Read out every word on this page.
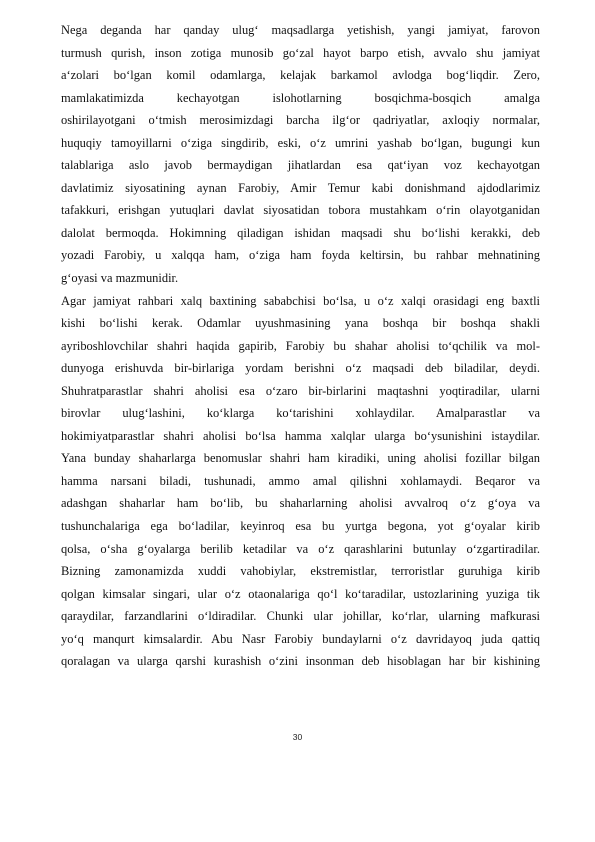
Nega deganda har qanday ulug‘ maqsadlarga yetishish, yangi jamiyat, farovon
turmush qurish, inson zotiga munosib go‘zal hayot barpo etish, avvalo shu jamiyat
a‘zolari bo‘lgan komil odamlarga, kelajak barkamol avlodga bog‘liqdir. Zero,
mamlakatimizda kechayotgan islohotlarning bosqichma-bosqich amalga
oshirilayotgani o‘tmish merosimizdagi barcha ilg‘or qadriyatlar, axloqiy normalar,
huquqiy tamoyillarni o‘ziga singdirib, eski, o‘z umrini yashab bo‘lgan, bugungi kun
talablariga aslo javob bermaydigan jihatlardan esa qat‘iyan voz kechayotgan
davlatimiz siyosatining aynan Farobiy, Amir Temur kabi donishmand ajdodlarimiz
tafakkuri, erishgan yutuqlari davlat siyosatidan tobora mustahkam o‘rin olayotganidan
dalolat bermoqda. Hokimning qiladigan ishidan maqsadi shu bo‘lishi kerakki, deb
yozadi Farobiy, u xalqqa ham, o‘ziga ham foyda keltirsin, bu rahbar mehnatining
g‘oyasi va mazmunidir.
Agar jamiyat rahbari xalq baxtining sababchisi bo‘lsa, u o‘z xalqi orasidagi eng baxtli
kishi bo‘lishi kerak. Odamlar uyushmasining yana boshqa bir boshqa shakli
ayriboshlovchilar shahri haqida gapirib, Farobiy bu shahar aholisi to‘qchilik va mol-
dunyoga erishuvda bir-birlariga yordam berishni o‘z maqsadi deb biladilar, deydi.
Shuhratparastlar shahri aholisi esa o‘zaro bir-birlarini maqtashni yoqtiradilar, ularni
birovlar ulug‘lashini, ko‘klarga ko‘tarishini xohlaydilar. Amalparastlar va
hokimiyatparastlar shahri aholisi bo‘lsa hamma xalqlar ularga bo‘ysunishini istaydilar.
Yana bunday shaharlarga benomuslar shahri ham kiradiki, uning aholisi fozillar bilgan
hamma narsani biladi, tushunadi, ammo amal qilishni xohlamaydi. Beqaror va
adashgan shaharlar ham bo‘lib, bu shaharlarning aholisi avvalroq o‘z g‘oya va
tushunchalariga ega bo‘ladilar, keyinroq esa bu yurtga begona, yot g‘oyalar kirib
qolsa, o‘sha g‘oyalarga berilib ketadilar va o‘z qarashlarini butunlay o‘zgartiradilar.
Bizning zamonamizda xuddi vahobiylar, ekstremistlar, terroristlar guruhiga kirib
qolgan kimsalar singari, ular o‘z otaonalariga qo‘l ko‘taradilar, ustozlarining yuziga tik
qaraydilar, farzandlarini o‘ldiradilar. Chunki ular johillar, ko‘rlar, ularning mafkurasi
yo‘q manqurt kimsalardir. Abu Nasr Farobiy bundaylarni o‘z davridayoq juda qattiq
qoralagan va ularga qarshi kurashish o‘zini insonman deb hisoblagan har bir kishining
30
